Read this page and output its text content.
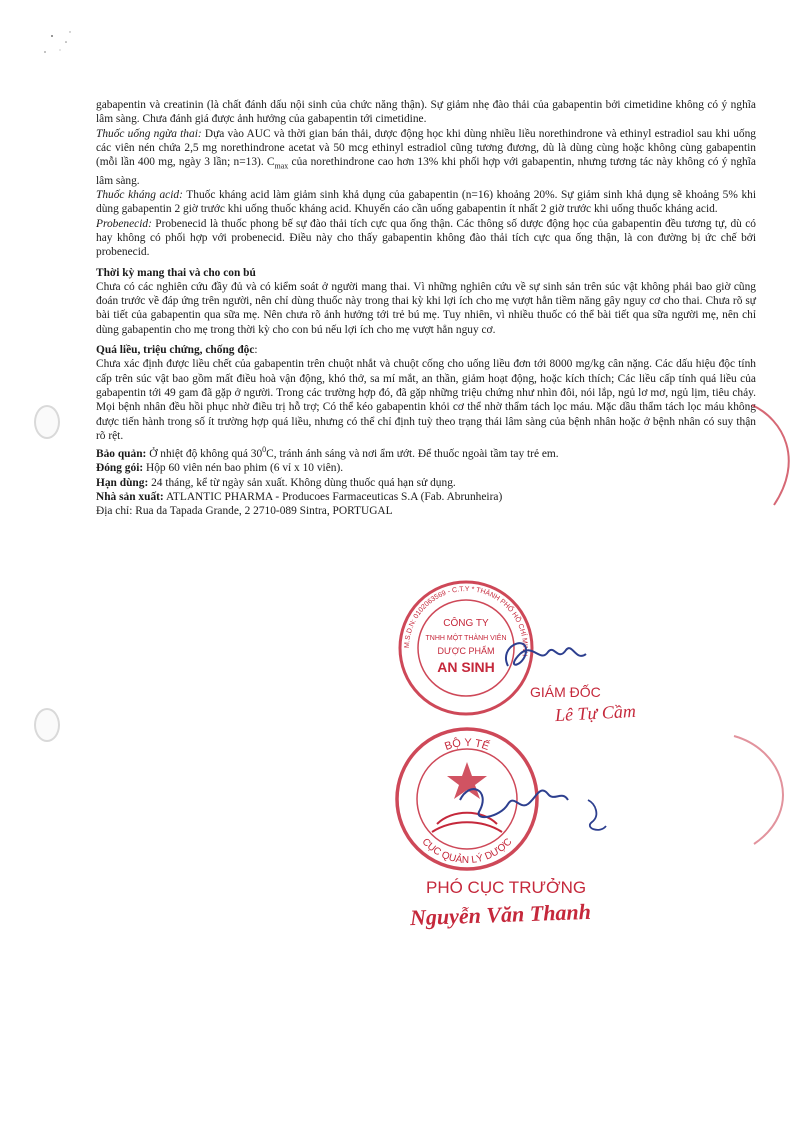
gabapentin và creatinin (là chất đánh dấu nội sinh của chức năng thận). Sự giảm nhẹ đào thải của gabapentin bởi cimetidine không có ý nghĩa lâm sàng. Chưa đánh giá được ảnh hưởng của gabapentin tới cimetidine.

Thuốc uống ngừa thai: Dựa vào AUC và thời gian bán thải, dược động học khi dùng nhiều liều norethindrone và ethinyl estradiol sau khi uống các viên nén chứa 2,5 mg norethindrone acetat và 50 mcg ethinyl estradiol cũng tương đương, dù là dùng cùng hoặc không cùng gabapentin (mỗi lần 400 mg, ngày 3 lần; n=13). $C_{max}$ của norethindrone cao hơn 13% khi phối hợp với gabapentin, nhưng tương tác này không có ý nghĩa lâm sàng.

Thuốc kháng acid: Thuốc kháng acid làm giảm sinh khả dụng của gabapentin (n=16) khoảng 20%. Sự giảm sinh khả dụng sẽ khoảng 5% khi dùng gabapentin 2 giờ trước khi uống thuốc kháng acid. Khuyến cáo cần uống gabapentin ít nhất 2 giờ trước khi uống thuốc kháng acid.

Probenecid: Probenecid là thuốc phong bế sự đào thải tích cực qua ống thận. Các thông số dược động học của gabapentin đều tương tự, dù có hay không có phối hợp với probenecid. Điều này cho thấy gabapentin không đào thải tích cực qua ống thận, là con đường bị ức chế bởi probenecid.

Thời kỳ mang thai và cho con bú

Chưa có các nghiên cứu đầy đủ và có kiểm soát ở người mang thai. Vì những nghiên cứu về sự sinh sản trên súc vật không phải bao giờ cũng đoán trước về đáp ứng trên người, nên chỉ dùng thuốc này trong thai kỳ khi lợi ích cho mẹ vượt hẳn tiềm năng gây nguy cơ cho thai. Chưa rõ sự bài tiết của gabapentin qua sữa mẹ. Nên chưa rõ ảnh hưởng tới trẻ bú mẹ. Tuy nhiên, vì nhiều thuốc có thể bài tiết qua sữa người mẹ, nên chỉ dùng gabapentin cho mẹ trong thời kỳ cho con bú nếu lợi ích cho mẹ vượt hẳn nguy cơ.

Quá liều, triệu chứng, chống độc:

Chưa xác định được liều chết của gabapentin trên chuột nhắt và chuột cống cho uống liều đơn tới 8000 mg/kg cân nặng. Các dấu hiệu độc tính cấp trên súc vật bao gồm mất điều hoà vận động, khó thở, sa mí mắt, an thần, giảm hoạt động, hoặc kích thích; Các liều cấp tính quá liều của gabapentin tới 49 gam đã gặp ở người. Trong các trường hợp đó, đã gặp những triệu chứng như nhìn đôi, nói lắp, ngủ lơ mơ, ngủ lịm, tiêu chảy. Mọi bệnh nhân đều hồi phục nhờ điều trị hỗ trợ; Có thể kéo gabapentin khỏi cơ thể nhờ thẩm tách lọc máu. Mặc dầu thẩm tách lọc máu không được tiến hành trong số ít trường hợp quá liều, nhưng có thể chỉ định tuỳ theo trạng thái lâm sàng của bệnh nhân hoặc ở bệnh nhân có suy thận rõ rệt.

Bảo quản: Ở nhiệt độ không quá $30^0C$, tránh ánh sáng và nơi ẩm ướt. Để thuốc ngoài tầm tay trẻ em.

Đóng gói: Hộp 60 viên nén bao phim (6 vỉ x 10 viên).

Hạn dùng: 24 tháng, kể từ ngày sản xuất. Không dùng thuốc quá hạn sử dụng.

Nhà sản xuất: ATLANTIC PHARMA - Producoes Farmaceuticas S.A (Fab. Abrunheira)

Địa chỉ: Rua da Tapada Grande, 2 2710-089 Sintra, PORTUGAL

CÔNG TY
TNHH MỘT THÀNH VIÊN
DƯỢC PHẨM
AN SINH
M.S.D.N: 0102063569 - C.T.Y * THÀNH PHỐ HỒ CHÍ MINH
GIÁM ĐỐC
Lê Tự Cầm
BỘ Y TẾ
CỤC QUẢN LÝ DƯỢC
PHÓ CỤC TRƯỞNG
Nguyễn Văn Thanh
